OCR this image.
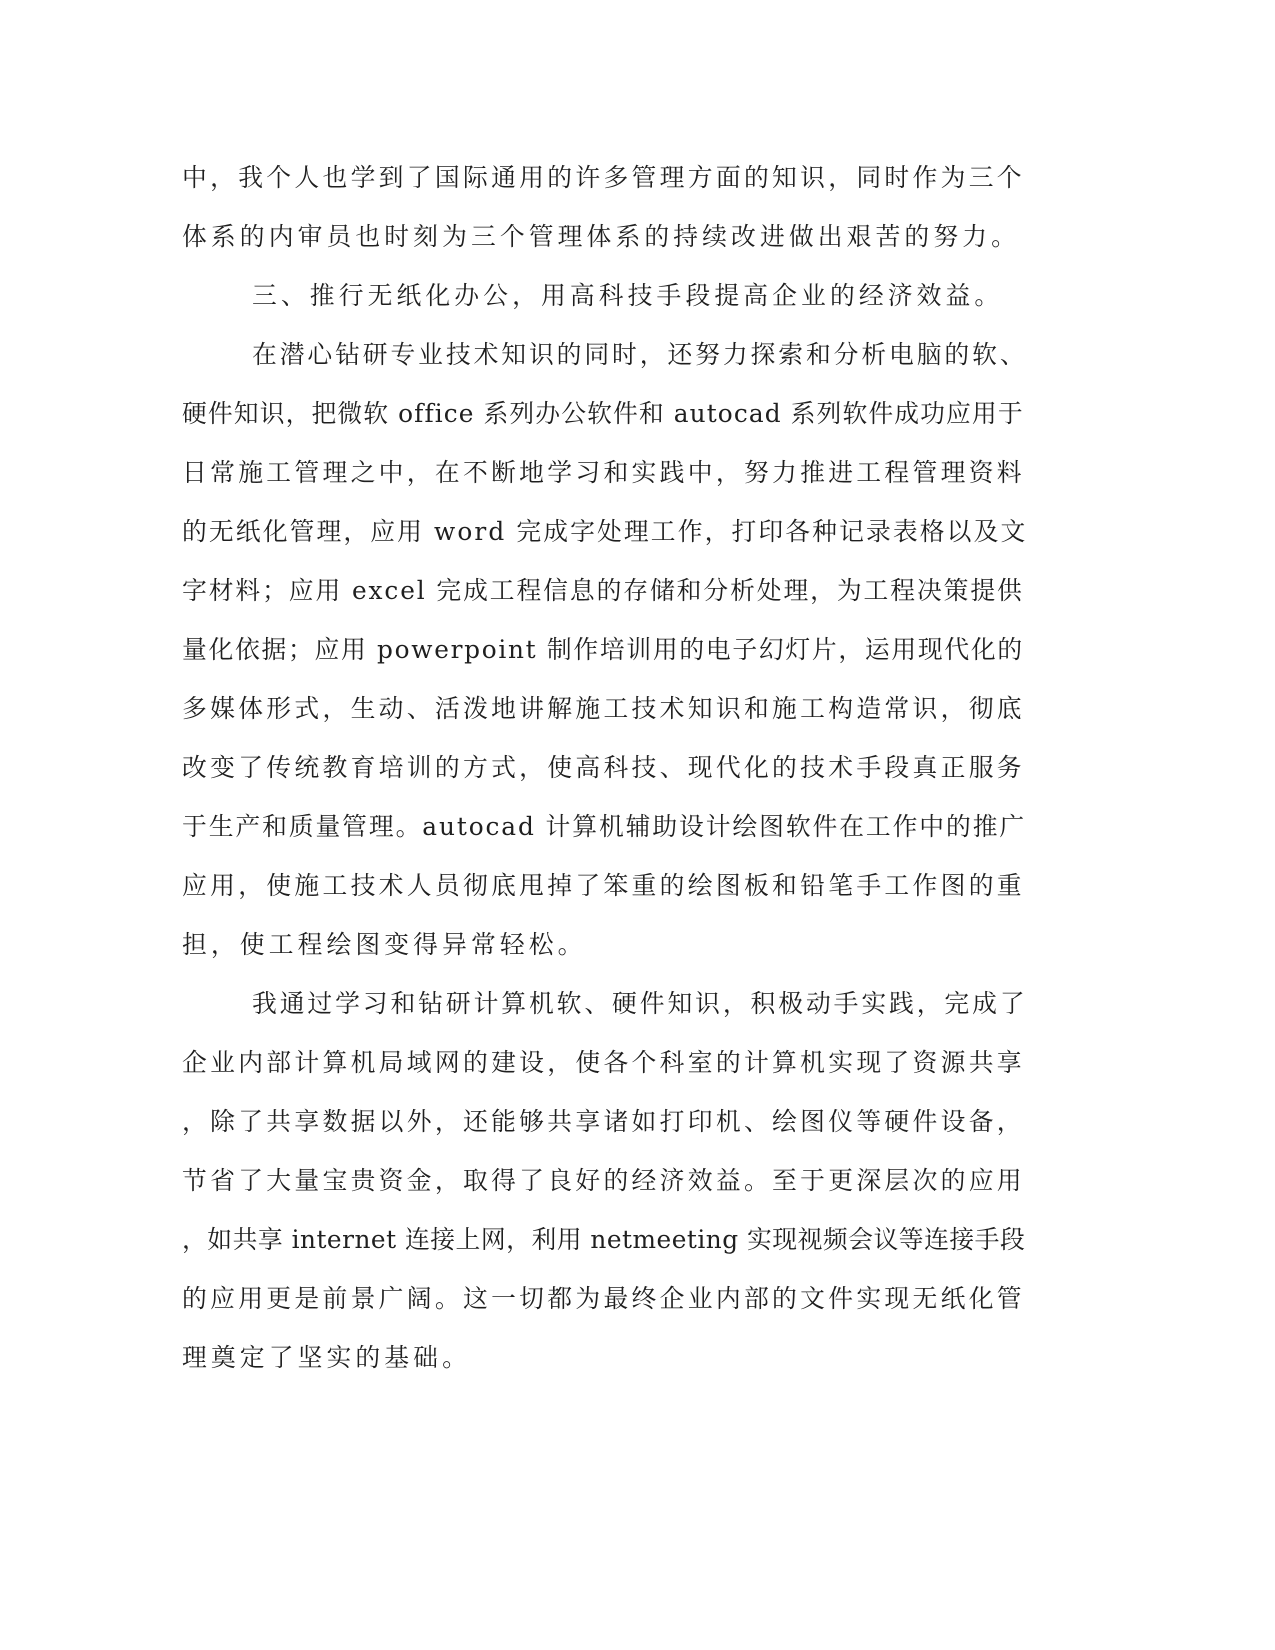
中，我个人也学到了国际通用的许多管理方面的知识，同时作为三个

体系的内审员也时刻为三个管理体系的持续改进做出艰苦的努力。

三、推行无纸化办公，用高科技手段提高企业的经济效益。

在潜心钻研专业技术知识的同时，还努力探索和分析电脑的软、

硬件知识，把微软 office 系列办公软件和 autocad 系列软件成功应用于

日常施工管理之中，在不断地学习和实践中，努力推进工程管理资料

的无纸化管理，应用 word 完成字处理工作，打印各种记录表格以及文

字材料；应用 excel 完成工程信息的存储和分析处理，为工程决策提供

量化依据；应用 powerpoint 制作培训用的电子幻灯片，运用现代化的

多媒体形式，生动、活泼地讲解施工技术知识和施工构造常识，彻底

改变了传统教育培训的方式，使高科技、现代化的技术手段真正服务

于生产和质量管理。autocad 计算机辅助设计绘图软件在工作中的推广

应用，使施工技术人员彻底甩掉了笨重的绘图板和铅笔手工作图的重

担，使工程绘图变得异常轻松。

我通过学习和钻研计算机软、硬件知识，积极动手实践，完成了

企业内部计算机局域网的建设，使各个科室的计算机实现了资源共享

，除了共享数据以外，还能够共享诸如打印机、绘图仪等硬件设备，

节省了大量宝贵资金，取得了良好的经济效益。至于更深层次的应用

，如共享 internet 连接上网，利用 netmeeting 实现视频会议等连接手段

的应用更是前景广阔。这一切都为最终企业内部的文件实现无纸化管

理奠定了坚实的基础。
